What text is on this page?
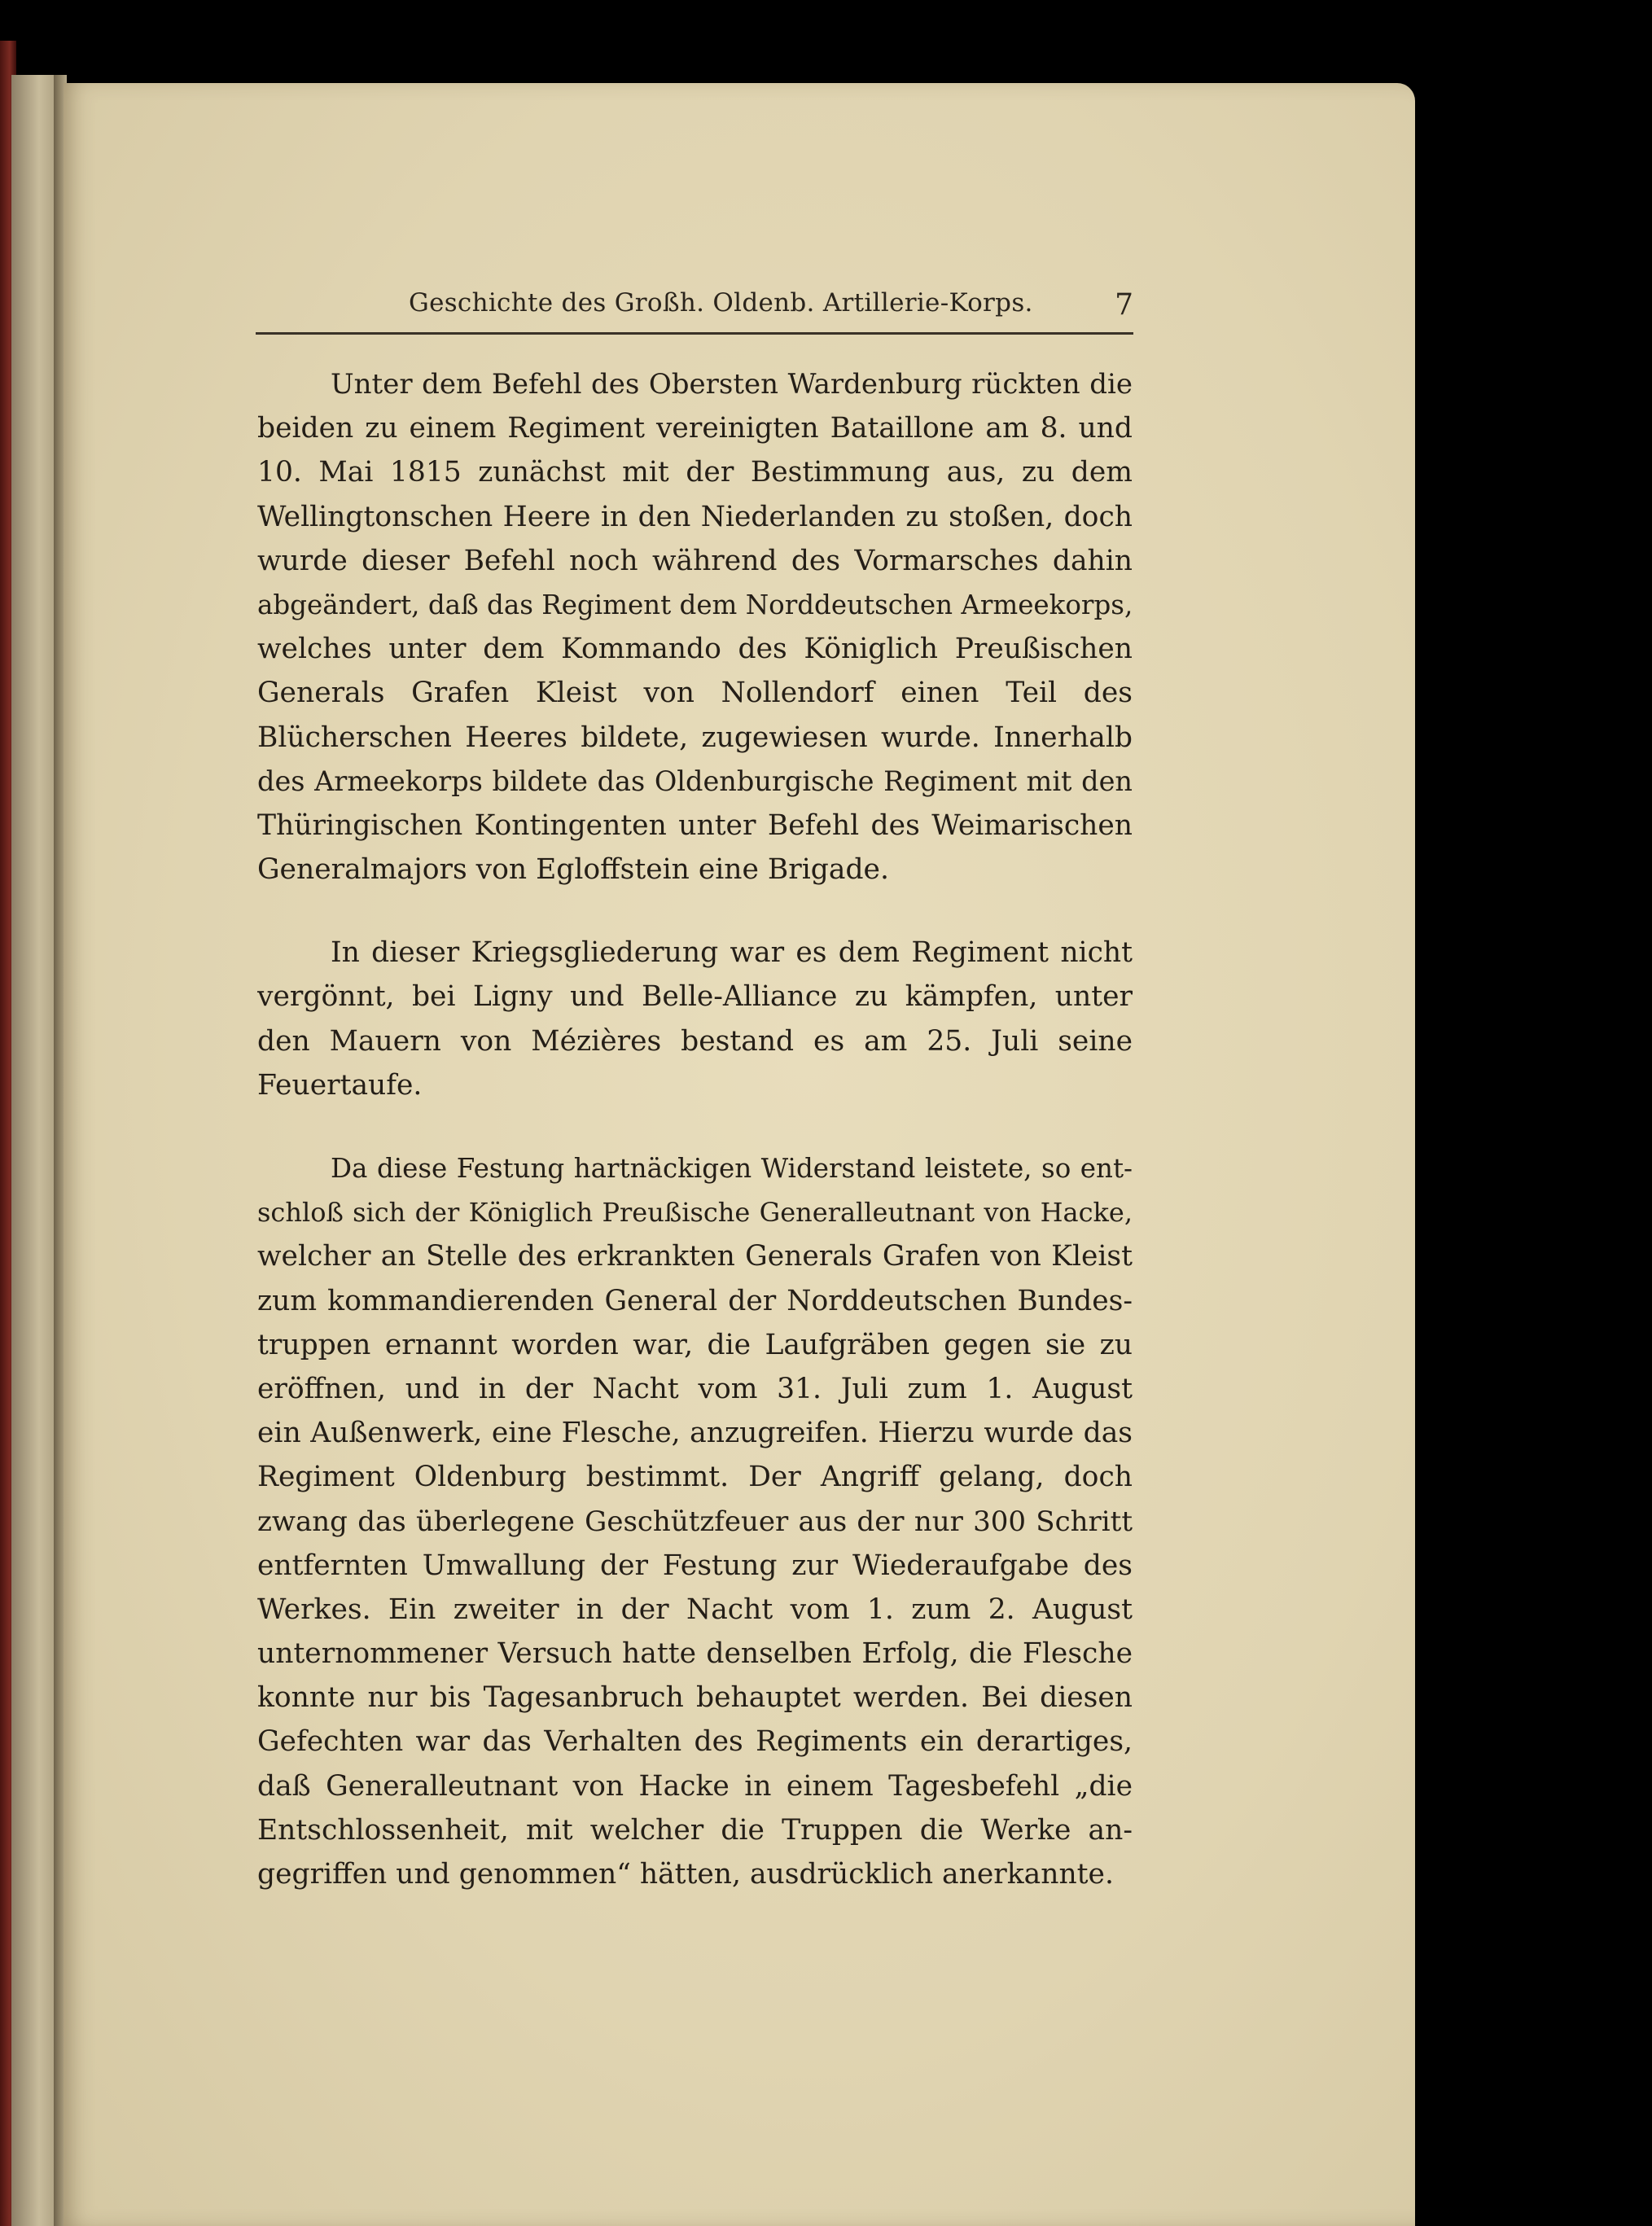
Geschichte des Großh. Oldenb. Artillerie-Korps.	7
Unter dem Befehl des Obersten Wardenburg rückten die
beiden zu einem Regiment vereinigten Bataillone am 8. und
10. Mai 1815 zunächst mit der Bestimmung aus, zu dem
Wellingtonschen Heere in den Niederlanden zu stoßen, doch
wurde dieser Befehl noch während des Vormarsches dahin
abgeändert, daß das Regiment dem Norddeutschen Armeekorps,
welches unter dem Kommando des Königlich Preußischen
Generals Grafen Kleist von Nollendorf einen Teil des
Blücherschen Heeres bildete, zugewiesen wurde. Innerhalb
des Armeekorps bildete das Oldenburgische Regiment mit den
Thüringischen Kontingenten unter Befehl des Weimarischen
Generalmajors von Egloffstein eine Brigade.
In dieser Kriegsgliederung war es dem Regiment nicht
vergönnt, bei Ligny und Belle-Alliance zu kämpfen, unter
den Mauern von Mézières bestand es am 25. Juli seine
Feuertaufe.
Da diese Festung hartnäckigen Widerstand leistete, so ent-
schloß sich der Königlich Preußische Generalleutnant von Hacke,
welcher an Stelle des erkrankten Generals Grafen von Kleist
zum kommandierenden General der Norddeutschen Bundes-
truppen ernannt worden war, die Laufgräben gegen sie zu
eröffnen, und in der Nacht vom 31. Juli zum 1. August
ein Außenwerk, eine Flesche, anzugreifen. Hierzu wurde das
Regiment Oldenburg bestimmt. Der Angriff gelang, doch
zwang das überlegene Geschützfeuer aus der nur 300 Schritt
entfernten Umwallung der Festung zur Wiederaufgabe des
Werkes. Ein zweiter in der Nacht vom 1. zum 2. August
unternommener Versuch hatte denselben Erfolg, die Flesche
konnte nur bis Tagesanbruch behauptet werden. Bei diesen
Gefechten war das Verhalten des Regiments ein derartiges,
daß Generalleutnant von Hacke in einem Tagesbefehl „die
Entschlossenheit, mit welcher die Truppen die Werke an-
gegriffen und genommen“ hätten, ausdrücklich anerkannte.
